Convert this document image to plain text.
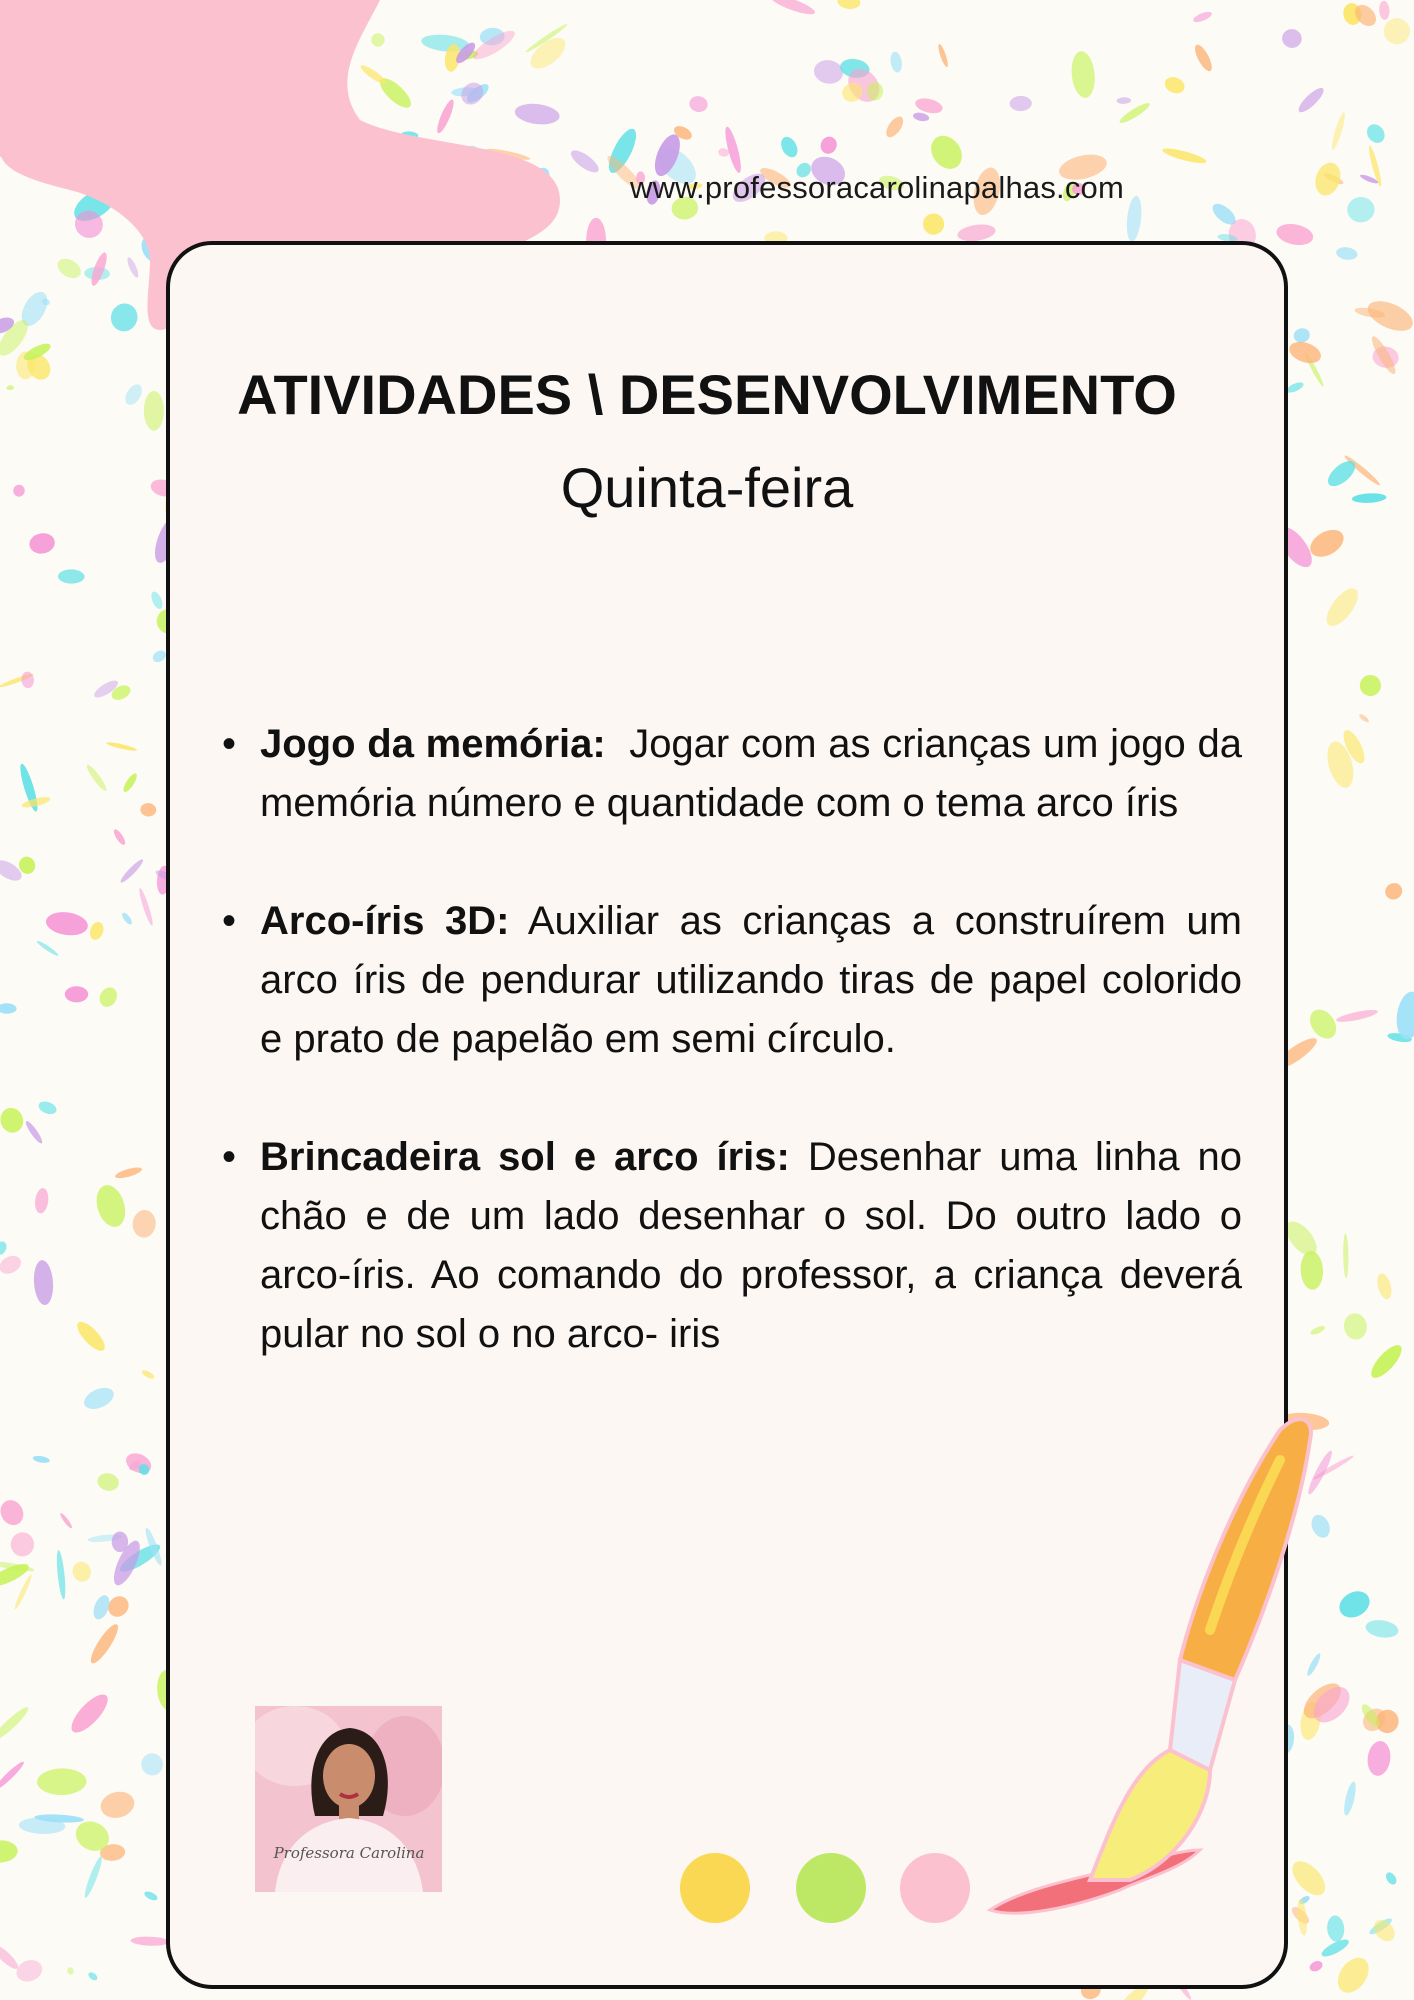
www.professoracarolinapalhas.com
ATIVIDADES \ DESENVOLVIMENTO
Quinta-feira
• Jogo da memória: Jogar com as crianças um jogo da memória número e quantidade com o tema arco íris
• Arco-íris 3D: Auxiliar as crianças a construírem um arco íris de pendurar utilizando tiras de papel colorido e prato de papelão em semi círculo.
• Brincadeira sol e arco íris: Desenhar uma linha no chão e de um lado desenhar o sol. Do outro lado o arco-íris. Ao comando do professor, a criança deverá pular no sol o no arco- iris
Professora Carolina
